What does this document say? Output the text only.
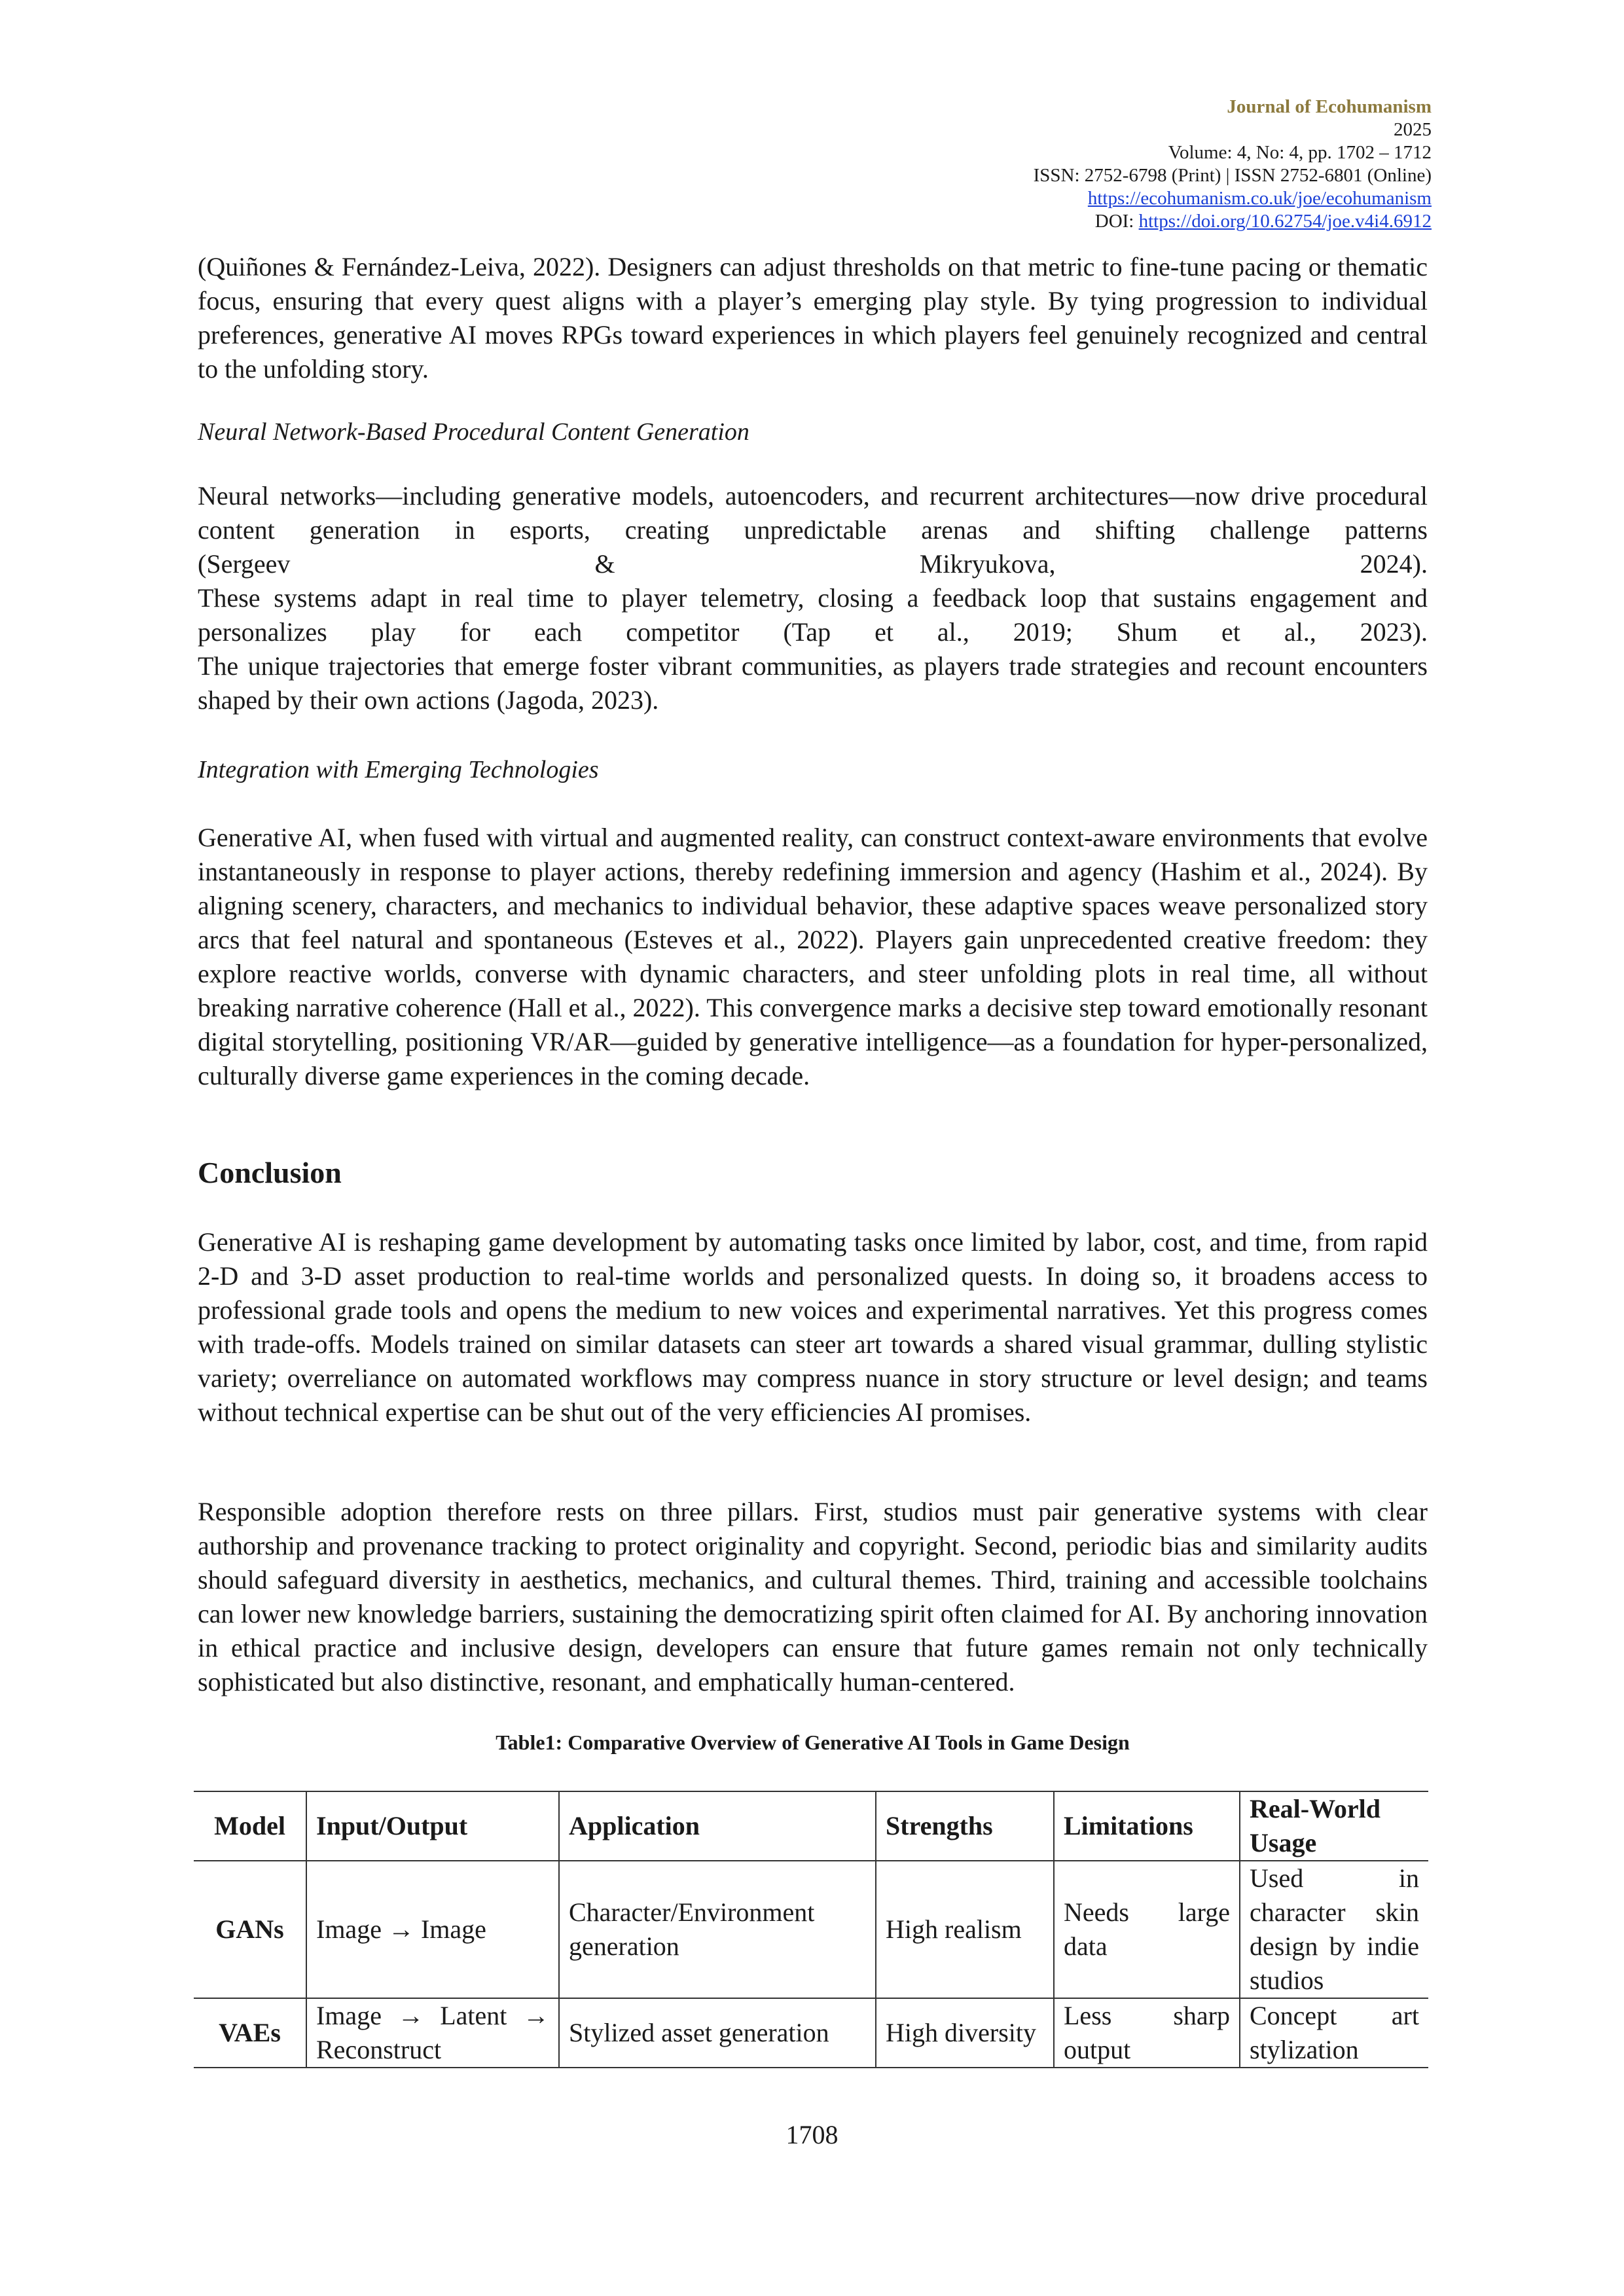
Journal of Ecohumanism
2025
Volume: 4, No: 4, pp. 1702 – 1712
ISSN: 2752-6798 (Print) | ISSN 2752-6801 (Online)
https://ecohumanism.co.uk/joe/ecohumanism
DOI: https://doi.org/10.62754/joe.v4i4.6912

(Quiñones & Fernández-Leiva, 2022). Designers can adjust thresholds on that metric to fine-tune pacing or thematic focus, ensuring that every quest aligns with a player’s emerging play style. By tying progression to individual preferences, generative AI moves RPGs toward experiences in which players feel genuinely recognized and central to the unfolding story.

Neural Network-Based Procedural Content Generation

Neural networks—including generative models, autoencoders, and recurrent architectures—now drive procedural content generation in esports, creating unpredictable arenas and shifting challenge patterns

(Sergeev & Mikryukova, 2024).

These systems adapt in real time to player telemetry, closing a feedback loop that sustains engagement and personalizes play for each competitor (Tap et al., 2019; Shum et al., 2023).

The unique trajectories that emerge foster vibrant communities, as players trade strategies and recount encounters shaped by their own actions (Jagoda, 2023).

Integration with Emerging Technologies

Generative AI, when fused with virtual and augmented reality, can construct context-aware environments that evolve instantaneously in response to player actions, thereby redefining immersion and agency (Hashim et al., 2024). By aligning scenery, characters, and mechanics to individual behavior, these adaptive spaces weave personalized story arcs that feel natural and spontaneous (Esteves et al., 2022). Players gain unprecedented creative freedom: they explore reactive worlds, converse with dynamic characters, and steer unfolding plots in real time, all without breaking narrative coherence (Hall et al., 2022). This convergence marks a decisive step toward emotionally resonant digital storytelling, positioning VR/AR—guided by generative intelligence—as a foundation for hyper-personalized, culturally diverse game experiences in the coming decade.

Conclusion

Generative AI is reshaping game development by automating tasks once limited by labor, cost, and time, from rapid 2-D and 3-D asset production to real-time worlds and personalized quests. In doing so, it broadens access to professional grade tools and opens the medium to new voices and experimental narratives. Yet this progress comes with trade-offs. Models trained on similar datasets can steer art towards a shared visual grammar, dulling stylistic variety; overreliance on automated workflows may compress nuance in story structure or level design; and teams without technical expertise can be shut out of the very efficiencies AI promises.

Responsible adoption therefore rests on three pillars. First, studios must pair generative systems with clear authorship and provenance tracking to protect originality and copyright. Second, periodic bias and similarity audits should safeguard diversity in aesthetics, mechanics, and cultural themes. Third, training and accessible toolchains can lower new knowledge barriers, sustaining the democratizing spirit often claimed for AI. By anchoring innovation in ethical practice and inclusive design, developers can ensure that future games remain not only technically sophisticated but also distinctive, resonant, and emphatically human-centered.

Table1: Comparative Overview of Generative AI Tools in Game Design
Model	Input/Output	Application	Strengths	Limitations	Real-World Usage
GANs	Image → Image	Character/Environment generation	High realism	Needs large data	Used in character skin design by indie studios
VAEs	Image → Latent → Reconstruct	Stylized asset generation	High diversity	Less sharp output	Concept art stylization
1708
